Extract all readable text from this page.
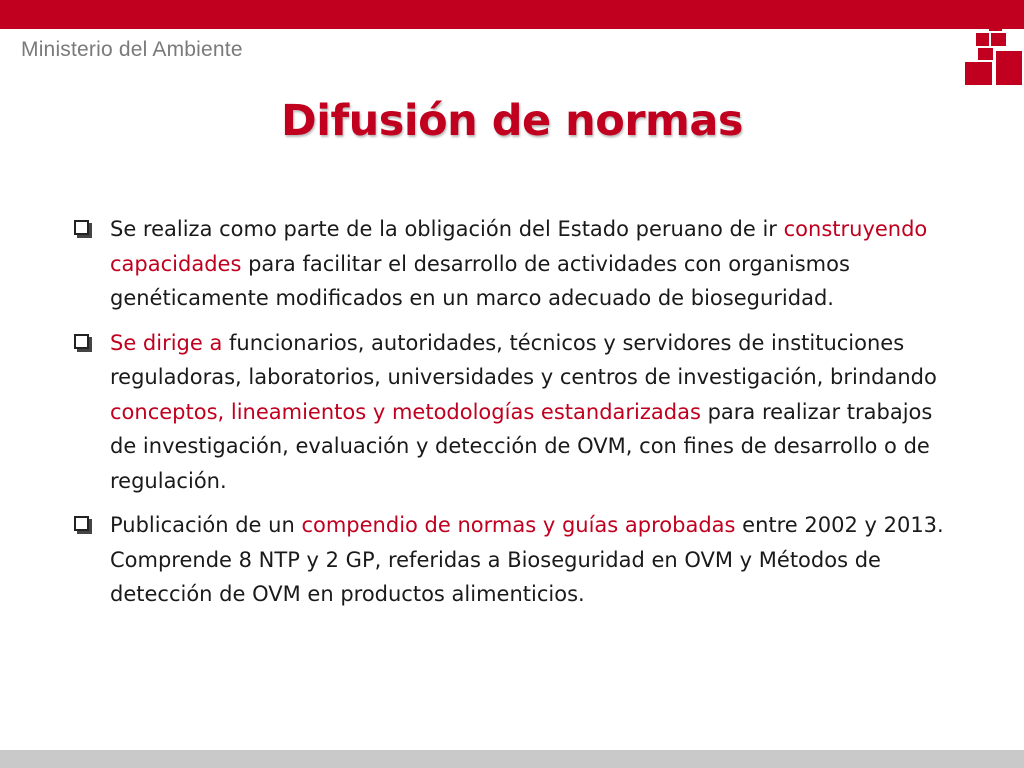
Ministerio del Ambiente
Difusión de normas
Se realiza como parte de la obligación del Estado peruano de ir construyendo capacidades para facilitar el desarrollo de actividades con organismos genéticamente modificados en un marco adecuado de bioseguridad.
Se dirige a funcionarios, autoridades, técnicos y servidores de instituciones reguladoras, laboratorios, universidades y centros de investigación, brindando conceptos, lineamientos y metodologías estandarizadas para realizar trabajos de investigación, evaluación y detección de OVM, con fines de desarrollo o de regulación.
Publicación de un compendio de normas y guías aprobadas entre 2002 y 2013. Comprende 8 NTP y 2 GP, referidas a Bioseguridad en OVM y Métodos de detección de OVM en productos alimenticios.
